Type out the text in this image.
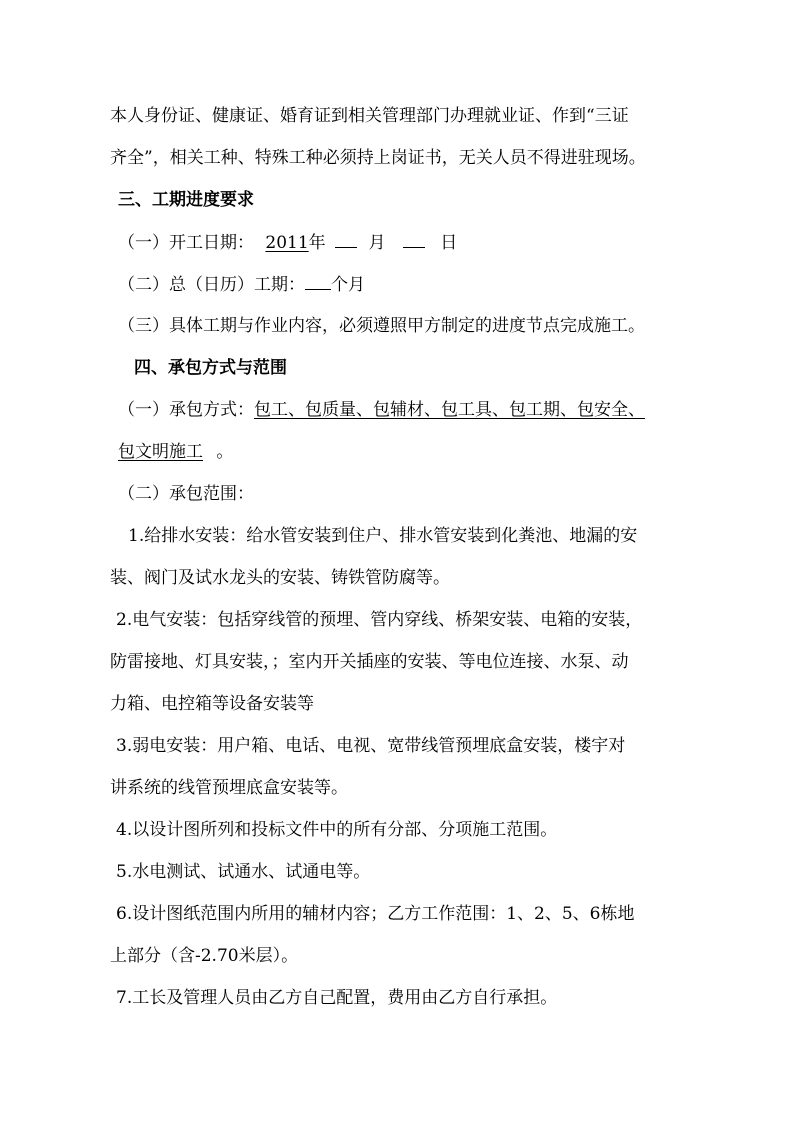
本人身份证、健康证、婚育证到相关管理部门办理就业证、作到“三证
齐全”，相关工种、特殊工种必须持上岗证书，无关人员不得进驻现场。
三、工期进度要求
（一）开工日期： 2011年	月	日
（二）总（日历）工期： 个月
（三）具体工期与作业内容，必须遵照甲方制定的进度节点完成施工。
四、承包方式与范围
（一）承包方式：包工、包质量、包辅材、包工具、包工期、包安全、
包文明施工 。
（二）承包范围：
1.给排水安装：给水管安装到住户、排水管安装到化粪池、地漏的安
装、阀门及试水龙头的安装、铸铁管防腐等。
2.电气安装：包括穿线管的预埋、管内穿线、桥架安装、电箱的安装，
防雷接地、灯具安装，；室内开关插座的安装、等电位连接、水泵、动
力箱、电控箱等设备安装等
3.弱电安装：用户箱、电话、电视、宽带线管预埋底盒安装，楼宇对
讲系统的线管预埋底盒安装等。
4.以设计图所列和投标文件中的所有分部、分项施工范围。
5.水电测试、试通水、试通电等。
6.设计图纸范围内所用的辅材内容；乙方工作范围：1、2、5、6栋地
上部分（含-2.70米层）。
7.工长及管理人员由乙方自己配置，费用由乙方自行承担。
